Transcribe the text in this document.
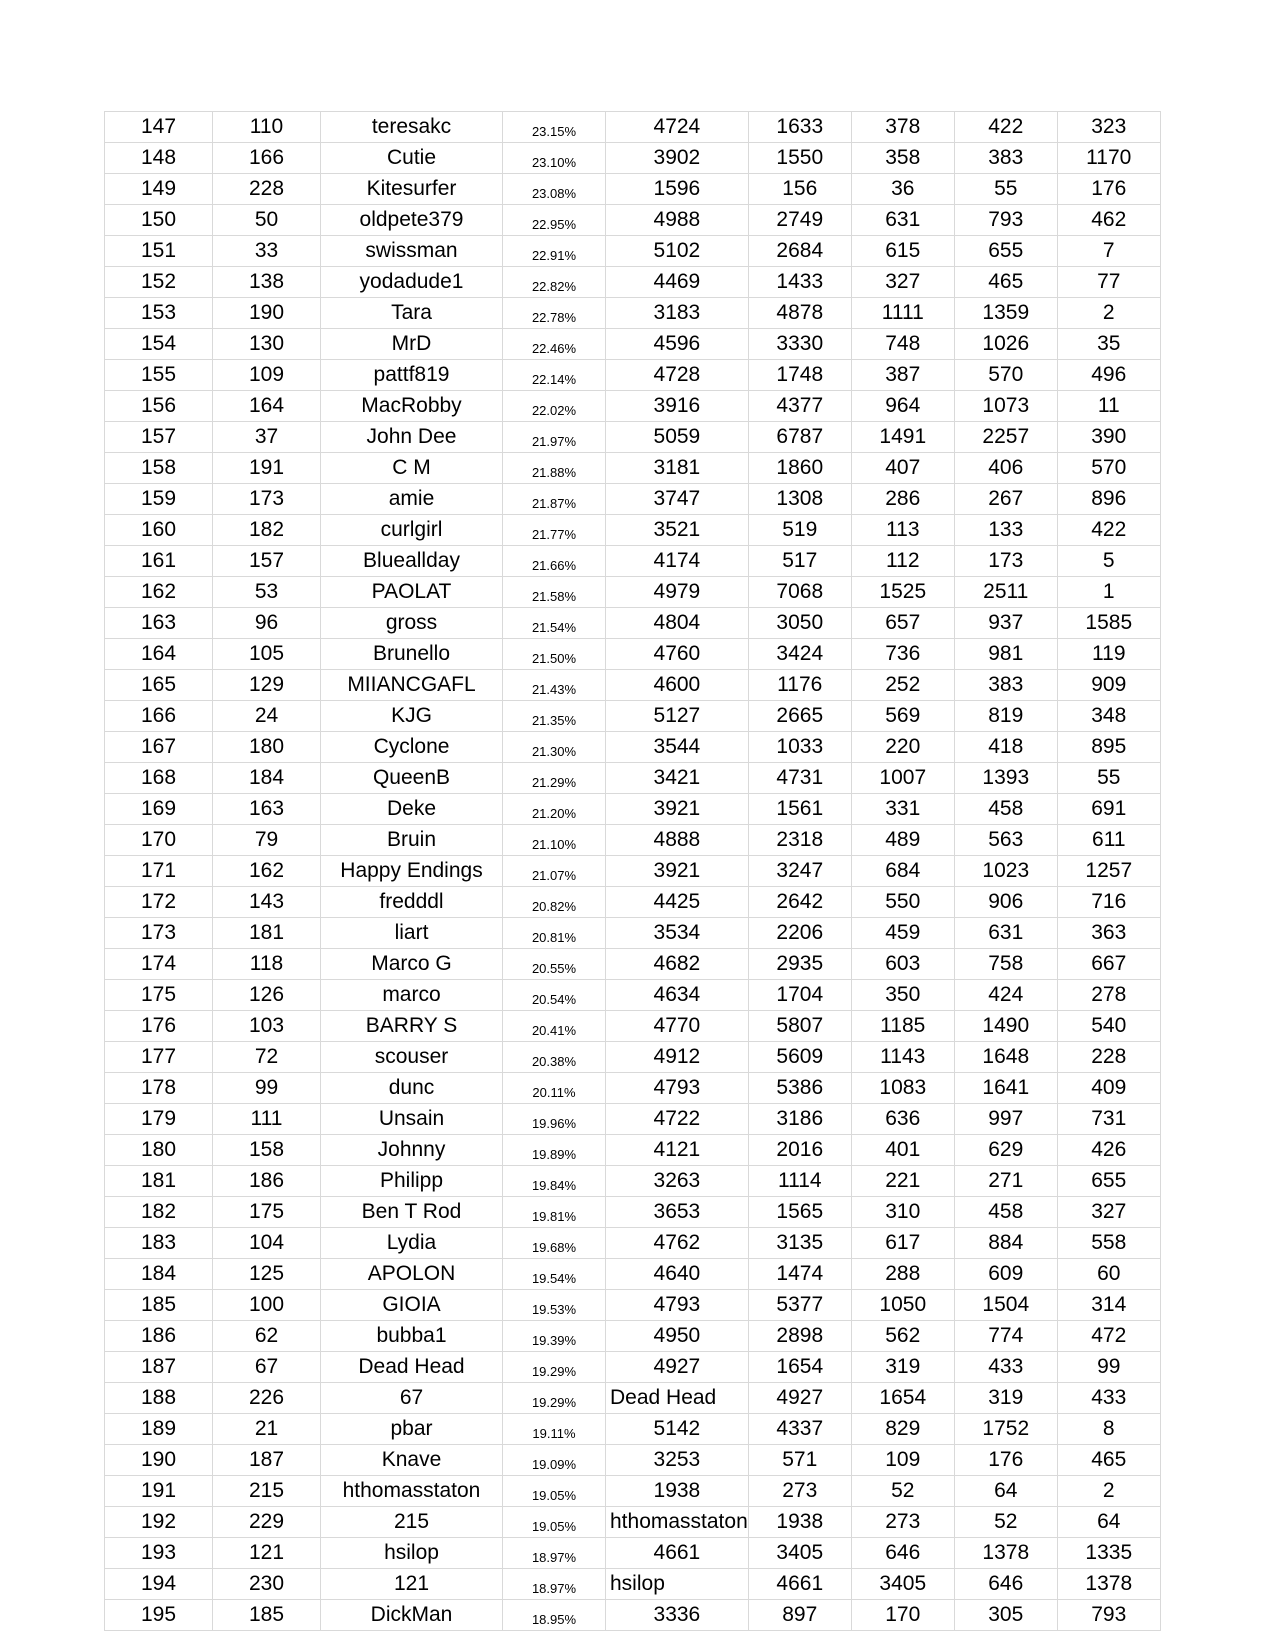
147	110	teresakc	23.15%	4724	1633	378	422	323
148	166	Cutie	23.10%	3902	1550	358	383	1170
149	228	Kitesurfer	23.08%	1596	156	36	55	176
150	50	oldpete379	22.95%	4988	2749	631	793	462
151	33	swissman	22.91%	5102	2684	615	655	7
152	138	yodadude1	22.82%	4469	1433	327	465	77
153	190	Tara	22.78%	3183	4878	1111	1359	2
154	130	MrD	22.46%	4596	3330	748	1026	35
155	109	pattf819	22.14%	4728	1748	387	570	496
156	164	MacRobby	22.02%	3916	4377	964	1073	11
157	37	John Dee	21.97%	5059	6787	1491	2257	390
158	191	C M	21.88%	3181	1860	407	406	570
159	173	amie	21.87%	3747	1308	286	267	896
160	182	curlgirl	21.77%	3521	519	113	133	422
161	157	Blueallday	21.66%	4174	517	112	173	5
162	53	PAOLAT	21.58%	4979	7068	1525	2511	1
163	96	gross	21.54%	4804	3050	657	937	1585
164	105	Brunello	21.50%	4760	3424	736	981	119
165	129	MIIANCGAFL	21.43%	4600	1176	252	383	909
166	24	KJG	21.35%	5127	2665	569	819	348
167	180	Cyclone	21.30%	3544	1033	220	418	895
168	184	QueenB	21.29%	3421	4731	1007	1393	55
169	163	Deke	21.20%	3921	1561	331	458	691
170	79	Bruin	21.10%	4888	2318	489	563	611
171	162	Happy Endings	21.07%	3921	3247	684	1023	1257
172	143	fredddl	20.82%	4425	2642	550	906	716
173	181	liart	20.81%	3534	2206	459	631	363
174	118	Marco G	20.55%	4682	2935	603	758	667
175	126	marco	20.54%	4634	1704	350	424	278
176	103	BARRY S	20.41%	4770	5807	1185	1490	540
177	72	scouser	20.38%	4912	5609	1143	1648	228
178	99	dunc	20.11%	4793	5386	1083	1641	409
179	111	Unsain	19.96%	4722	3186	636	997	731
180	158	Johnny	19.89%	4121	2016	401	629	426
181	186	Philipp	19.84%	3263	1114	221	271	655
182	175	Ben T Rod	19.81%	3653	1565	310	458	327
183	104	Lydia	19.68%	4762	3135	617	884	558
184	125	APOLON	19.54%	4640	1474	288	609	60
185	100	GIOIA	19.53%	4793	5377	1050	1504	314
186	62	bubba1	19.39%	4950	2898	562	774	472
187	67	Dead Head	19.29%	4927	1654	319	433	99
188	226	67	19.29%	Dead Head	4927	1654	319	433
189	21	pbar	19.11%	5142	4337	829	1752	8
190	187	Knave	19.09%	3253	571	109	176	465
191	215	hthomasstaton	19.05%	1938	273	52	64	2
192	229	215	19.05%	hthomasstaton	1938	273	52	64
193	121	hsilop	18.97%	4661	3405	646	1378	1335
194	230	121	18.97%	hsilop	4661	3405	646	1378
195	185	DickMan	18.95%	3336	897	170	305	793
